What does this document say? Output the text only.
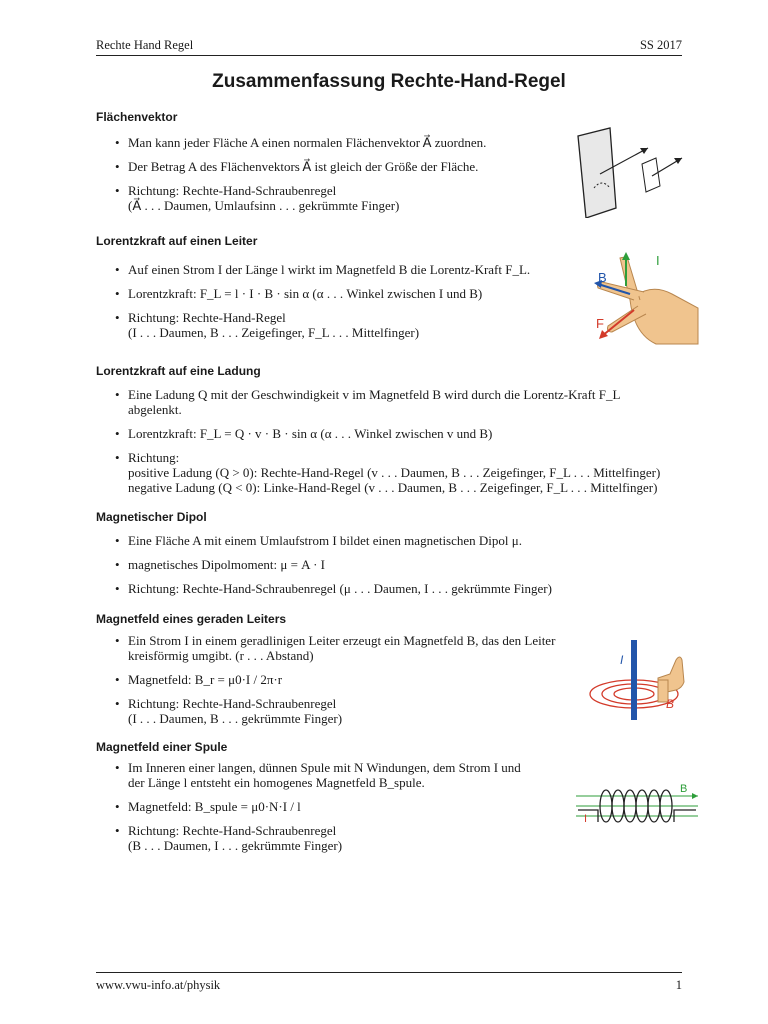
Rechte Hand Regel	SS 2017
Zusammenfassung Rechte-Hand-Regel
Flächenvektor
• Man kann jeder Fläche A einen normalen Flächenvektor A⃗ zuordnen.
• Der Betrag A des Flächenvektors A⃗ ist gleich der Größe der Fläche.
• Richtung: Rechte-Hand-Schraubenregel
(A⃗ . . . Daumen, Umlaufsinn . . . gekrümmte Finger)
Lorentzkraft auf einen Leiter
• Auf einen Strom I der Länge l wirkt im Magnetfeld B die Lorentz-Kraft F_L.
• Lorentzkraft: F_L = l · I · B · sin α (α . . . Winkel zwischen I und B)
• Richtung: Rechte-Hand-Regel
(I . . . Daumen, B . . . Zeigefinger, F_L . . . Mittelfinger)
I
B
F
Lorentzkraft auf eine Ladung
• Eine Ladung Q mit der Geschwindigkeit v im Magnetfeld B wird durch die Lorentz-Kraft F_L
abgelenkt.
• Lorentzkraft: F_L = Q · v · B · sin α (α . . . Winkel zwischen v und B)
• Richtung:
positive Ladung (Q > 0): Rechte-Hand-Regel (v . . . Daumen, B . . . Zeigefinger, F_L . . . Mittelfinger)
negative Ladung (Q < 0): Linke-Hand-Regel (v . . . Daumen, B . . . Zeigefinger, F_L . . . Mittelfinger)
Magnetischer Dipol
• Eine Fläche A mit einem Umlaufstrom I bildet einen magnetischen Dipol μ.
• magnetisches Dipolmoment: μ = A · I
• Richtung: Rechte-Hand-Schraubenregel (μ . . . Daumen, I . . . gekrümmte Finger)
Magnetfeld eines geraden Leiters
• Ein Strom I in einem geradlinigen Leiter erzeugt ein Magnetfeld B, das den Leiter
kreisförmig umgibt. (r . . . Abstand)
• Magnetfeld: B_r = μ0·I / 2π·r
• Richtung: Rechte-Hand-Schraubenregel
(I . . . Daumen, B . . . gekrümmte Finger)
I
B
Magnetfeld einer Spule
• Im Inneren einer langen, dünnen Spule mit N Windungen, dem Strom I und
der Länge l entsteht ein homogenes Magnetfeld B_spule.
• Magnetfeld: B_spule = μ0·N·I / l
• Richtung: Rechte-Hand-Schraubenregel
(B . . . Daumen, I . . . gekrümmte Finger)
B
I
www.vwu-info.at/physik	1
